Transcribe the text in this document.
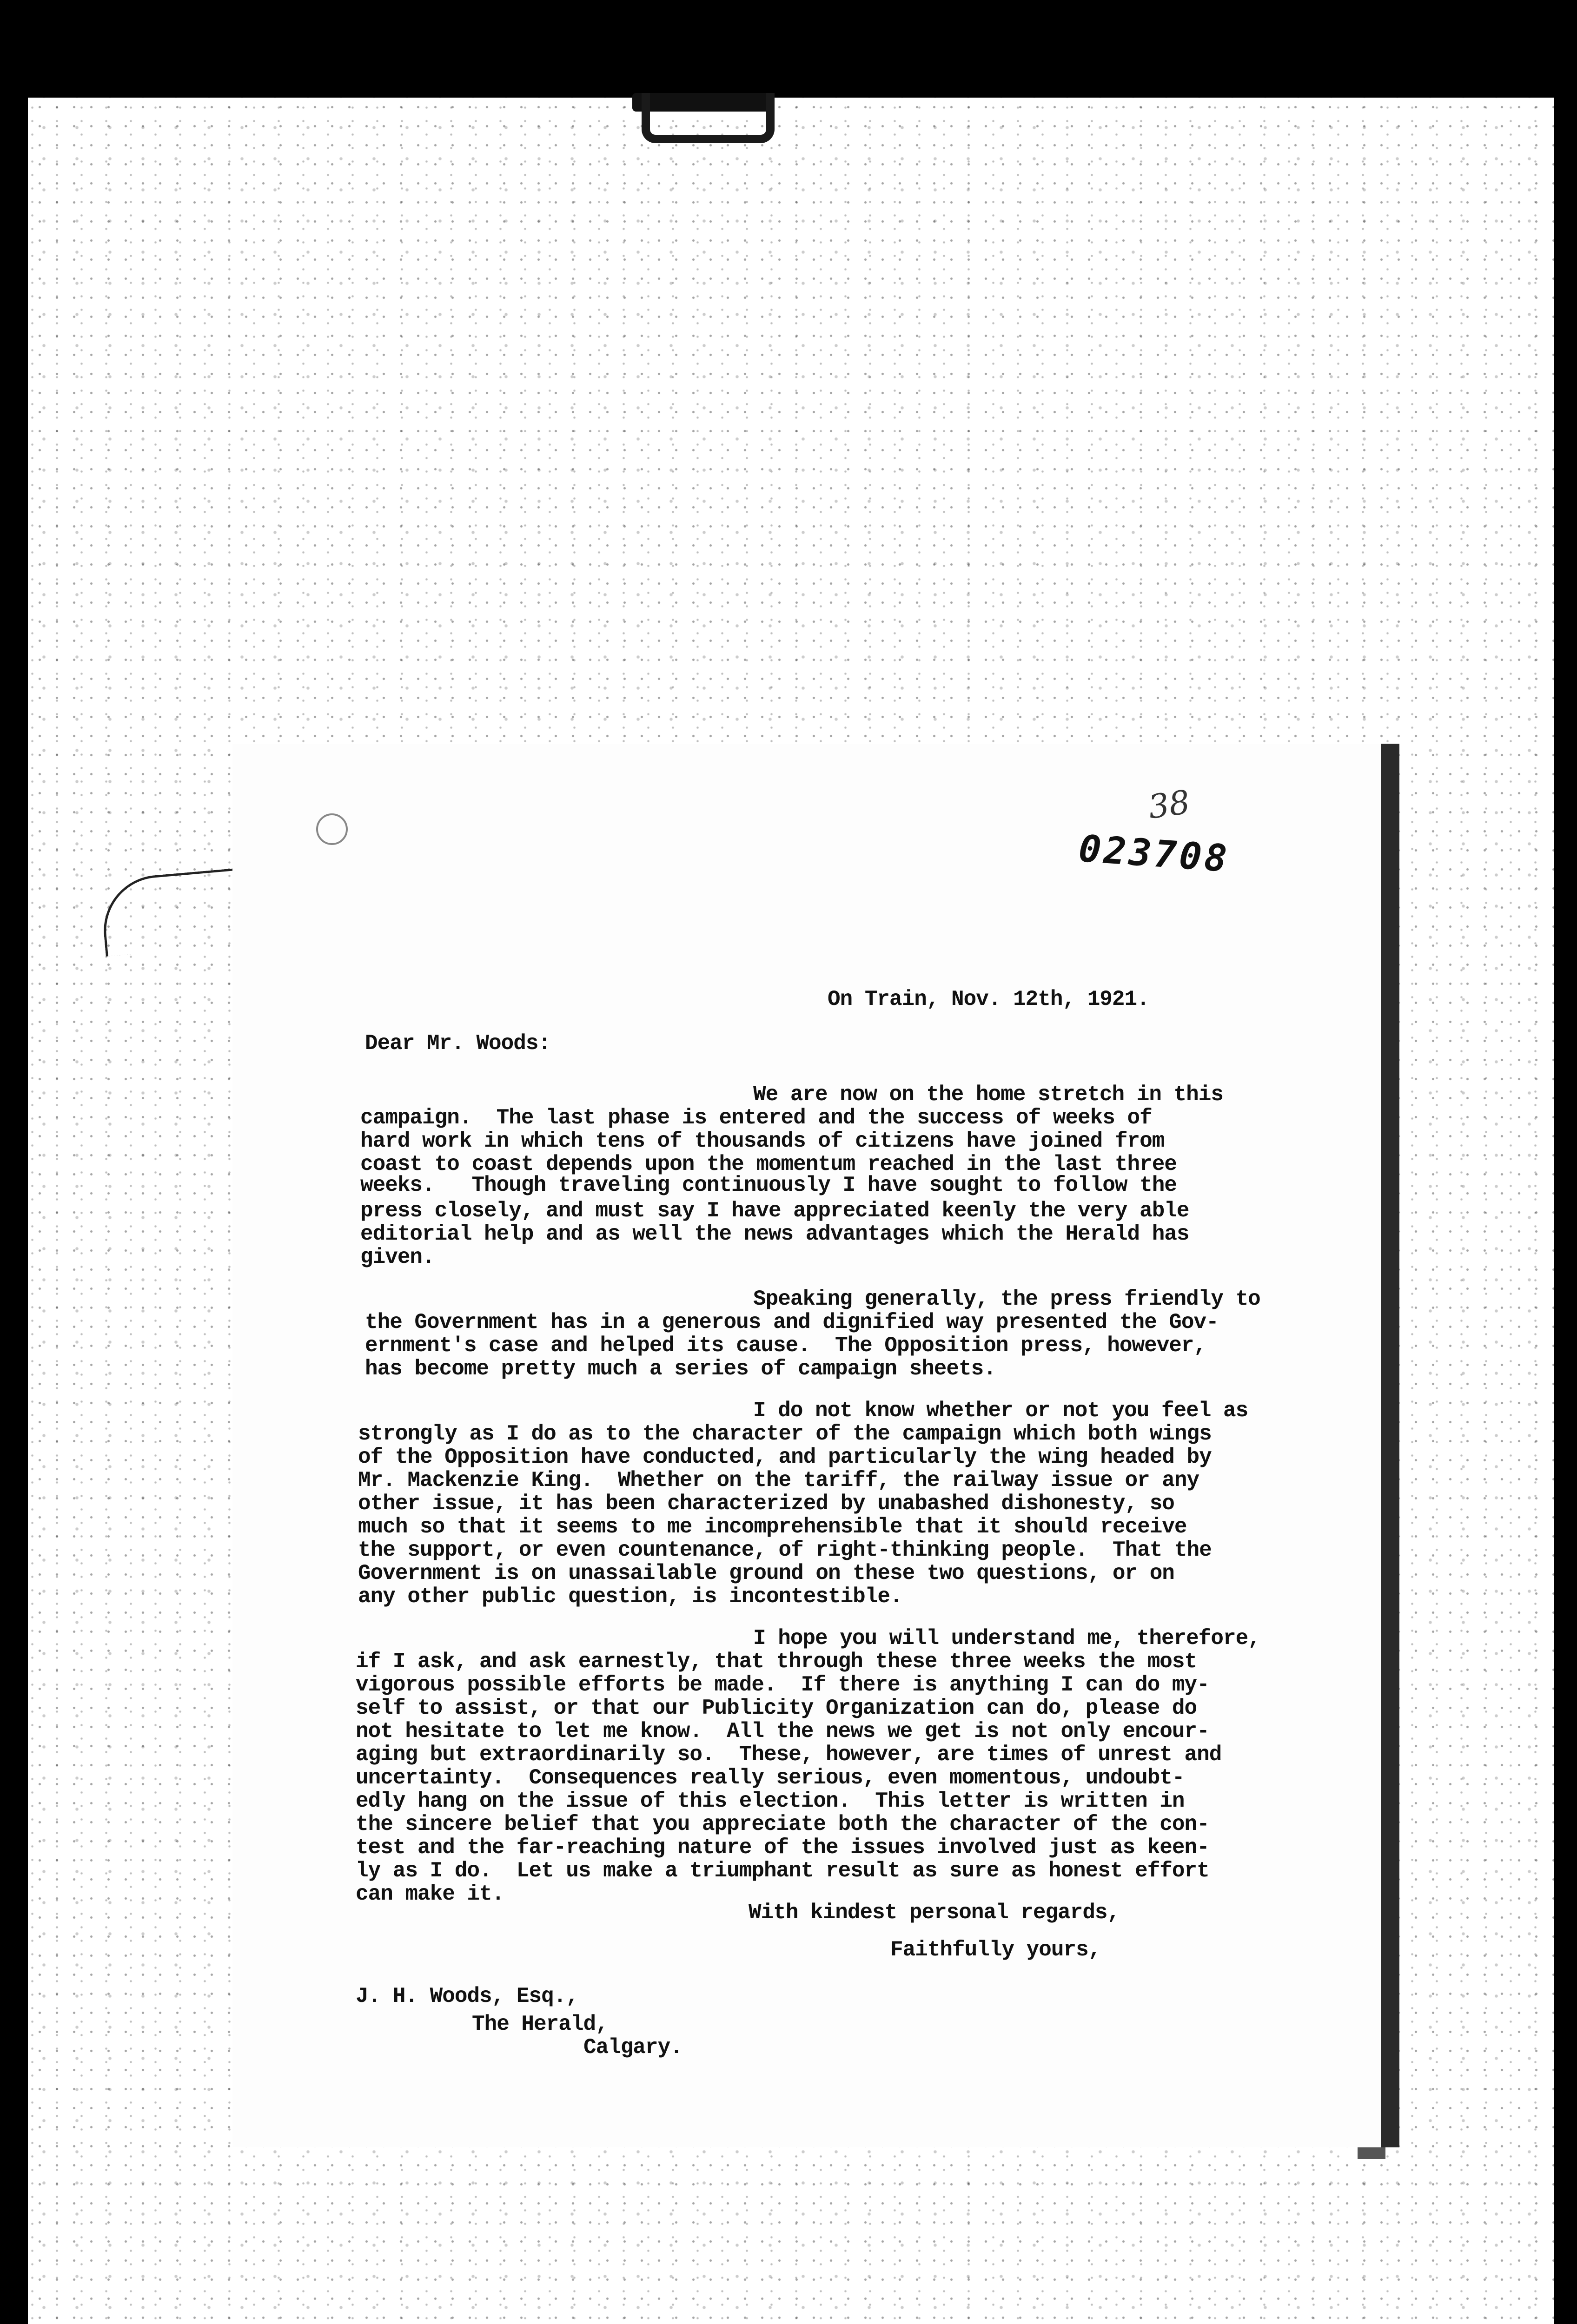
38
023708
On Train, Nov. 12th, 1921.
Dear Mr. Woods:
We are now on the home stretch in this
campaign.  The last phase is entered and the success of weeks of
hard work in which tens of thousands of citizens have joined from
coast to coast depends upon the momentum reached in the last three
weeks.   Though traveling continuously I have sought to follow the
press closely, and must say I have appreciated keenly the very able
editorial help and as well the news advantages which the Herald has
given.
Speaking generally, the press friendly to
the Government has in a generous and dignified way presented the Gov-
ernment's case and helped its cause.  The Opposition press, however,
has become pretty much a series of campaign sheets.
I do not know whether or not you feel as
strongly as I do as to the character of the campaign which both wings
of the Opposition have conducted, and particularly the wing headed by
Mr. Mackenzie King.  Whether on the tariff, the railway issue or any
other issue, it has been characterized by unabashed dishonesty, so
much so that it seems to me incomprehensible that it should receive
the support, or even countenance, of right-thinking people.  That the
Government is on unassailable ground on these two questions, or on
any other public question, is incontestible.
I hope you will understand me, therefore,
if I ask, and ask earnestly, that through these three weeks the most
vigorous possible efforts be made.  If there is anything I can do my-
self to assist, or that our Publicity Organization can do, please do
not hesitate to let me know.  All the news we get is not only encour-
aging but extraordinarily so.  These, however, are times of unrest and
uncertainty.  Consequences really serious, even momentous, undoubt-
edly hang on the issue of this election.  This letter is written in
the sincere belief that you appreciate both the character of the con-
test and the far-reaching nature of the issues involved just as keen-
ly as I do.  Let us make a triumphant result as sure as honest effort
can make it.
With kindest personal regards,
Faithfully yours,
J. H. Woods, Esq.,
The Herald,
Calgary.
